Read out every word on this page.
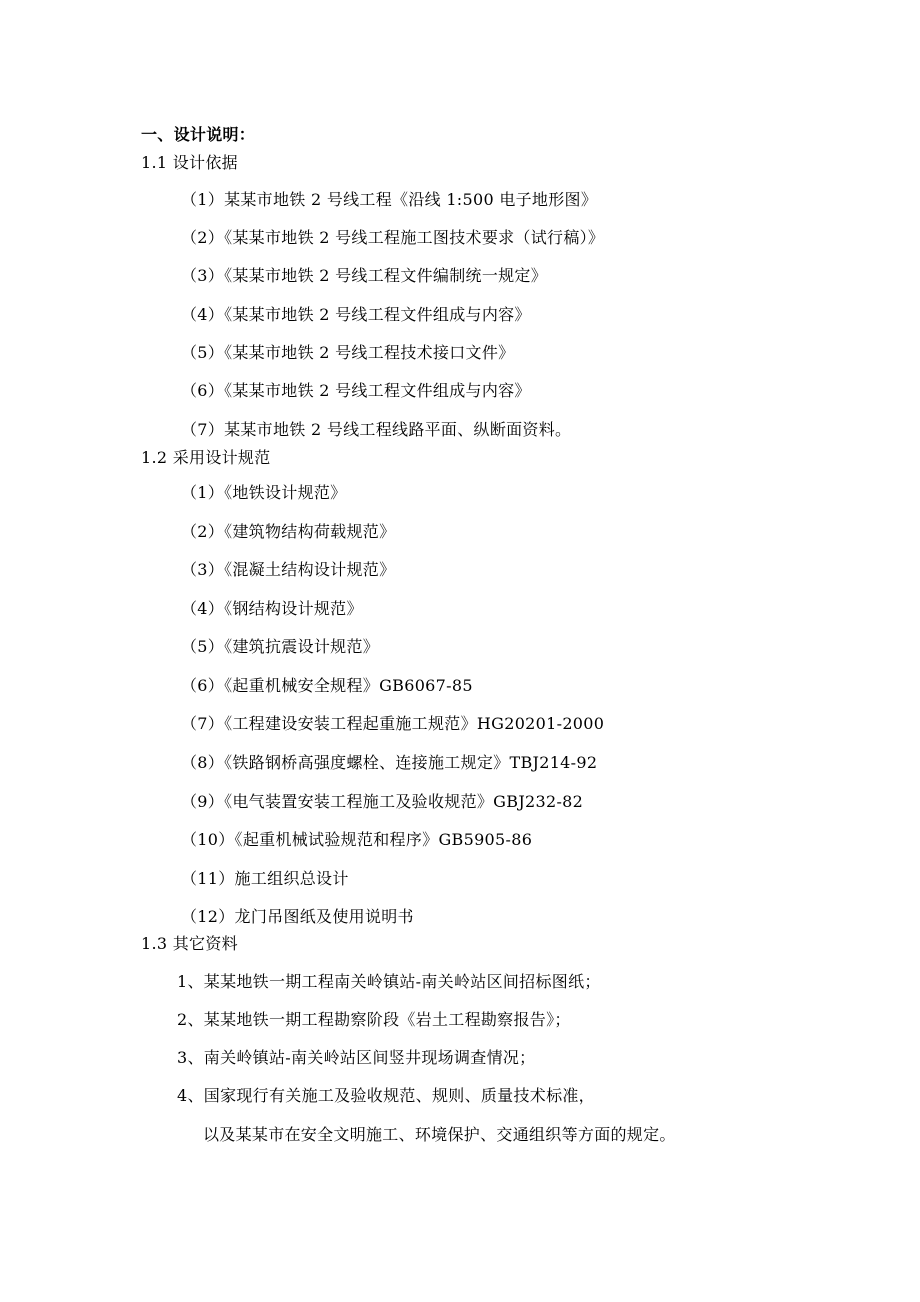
一、设计说明：
1.1 设计依据
（1）某某市地铁 2 号线工程《沿线 1:500 电子地形图》
（2）《某某市地铁 2 号线工程施工图技术要求（试行稿）》
（3）《某某市地铁 2 号线工程文件编制统一规定》
（4）《某某市地铁 2 号线工程文件组成与内容》
（5）《某某市地铁 2 号线工程技术接口文件》
（6）《某某市地铁 2 号线工程文件组成与内容》
（7）某某市地铁 2 号线工程线路平面、纵断面资料。
1.2 采用设计规范
（1）《地铁设计规范》
（2）《建筑物结构荷载规范》
（3）《混凝土结构设计规范》
（4）《钢结构设计规范》
（5）《建筑抗震设计规范》
（6）《起重机械安全规程》GB6067-85
（7）《工程建设安装工程起重施工规范》HG20201-2000
（8）《铁路钢桥高强度螺栓、连接施工规定》TBJ214-92
（9）《电气装置安装工程施工及验收规范》GBJ232-82
（10）《起重机械试验规范和程序》GB5905-86
（11）施工组织总设计
（12）龙门吊图纸及使用说明书
1.3 其它资料
1、某某地铁一期工程南关岭镇站-南关岭站区间招标图纸；
2、某某地铁一期工程勘察阶段《岩土工程勘察报告》；
3、南关岭镇站-南关岭站区间竖井现场调查情况；
4、国家现行有关施工及验收规范、规则、质量技术标准，
以及某某市在安全文明施工、环境保护、交通组织等方面的规定。
